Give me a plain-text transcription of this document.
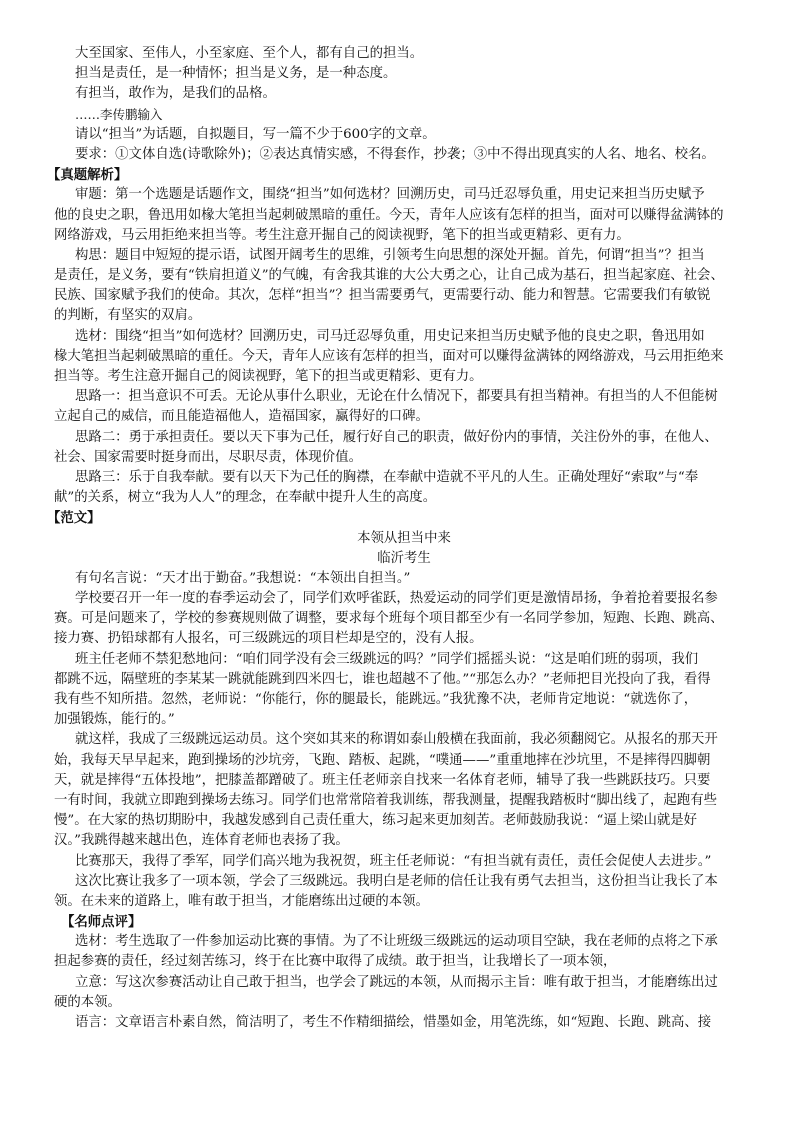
大至国家、至伟人，小至家庭、至个人，都有自己的担当。
担当是责任，是一种情怀；担当是义务，是一种态度。
有担当，敢作为，是我们的品格。
……李传鹏输入
请以“担当”为话题，自拟题目，写一篇不少于600字的文章。
要求：①文体自选(诗歌除外)；②表达真情实感，不得套作，抄袭；③中不得出现真实的人名、地名、校名。
【真题解析】
审题：第一个选题是话题作文，围绕“担当”如何选材？回溯历史，司马迁忍辱负重，用史记来担当历史赋予
他的良史之职，鲁迅用如椽大笔担当起刺破黑暗的重任。今天，青年人应该有怎样的担当，面对可以赚得盆满钵的
网络游戏，马云用拒绝来担当等。考生注意开掘自己的阅读视野，笔下的担当或更精彩、更有力。
构思：题目中短短的提示语，试图开阔考生的思维，引领考生向思想的深处开掘。首先，何谓“担当”？担当
是责任，是义务，要有“铁肩担道义”的气魄，有舍我其谁的大公大勇之心，让自己成为基石，担当起家庭、社会、
民族、国家赋予我们的使命。其次，怎样“担当”？担当需要勇气，更需要行动、能力和智慧。它需要我们有敏锐
的判断，有坚实的双肩。
选材：围绕“担当”如何选材？回溯历史，司马迁忍辱负重，用史记来担当历史赋予他的良史之职，鲁迅用如
椽大笔担当起刺破黑暗的重任。今天，青年人应该有怎样的担当，面对可以赚得盆满钵的网络游戏，马云用拒绝来
担当等。考生注意开掘自己的阅读视野，笔下的担当或更精彩、更有力。
思路一：担当意识不可丢。无论从事什么职业，无论在什么情况下，都要具有担当精神。有担当的人不但能树
立起自己的威信，而且能造福他人，造福国家，赢得好的口碑。
思路二：勇于承担责任。要以天下事为己任，履行好自己的职责，做好份内的事情，关注份外的事，在他人、
社会、国家需要时挺身而出，尽职尽责，体现价值。
思路三：乐于自我奉献。要有以天下为己任的胸襟，在奉献中造就不平凡的人生。正确处理好“索取”与“奉
献”的关系，树立“我为人人”的理念，在奉献中提升人生的高度。
【范文】
本领从担当中来
临沂考生
有句名言说：“天才出于勤奋。”我想说：“本领出自担当。”
学校要召开一年一度的春季运动会了，同学们欢呼雀跃，热爱运动的同学们更是激情昂扬，争着抢着要报名参
赛。可是问题来了，学校的参赛规则做了调整，要求每个班每个项目都至少有一名同学参加，短跑、长跑、跳高、
接力赛、扔铅球都有人报名，可三级跳远的项目栏却是空的，没有人报。
班主任老师不禁犯愁地问：“咱们同学没有会三级跳远的吗？”同学们摇摇头说：“这是咱们班的弱项，我们
都跳不远，隔壁班的李某某一跳就能跳到四米四七，谁也超越不了他。”“那怎么办？”老师把目光投向了我，看得
我有些不知所措。忽然，老师说：“你能行，你的腿最长，能跳远。”我犹豫不决，老师肯定地说：“就选你了，
加强锻炼，能行的。”
就这样，我成了三级跳远运动员。这个突如其来的称谓如泰山般横在我面前，我必须翻阅它。从报名的那天开
始，我每天早早起来，跑到操场的沙坑旁，飞跑、踏板、起跳，“噗通——”重重地摔在沙坑里，不是摔得四脚朝
天，就是摔得“五体投地”，把膝盖都蹭破了。班主任老师亲自找来一名体育老师，辅导了我一些跳跃技巧。只要
一有时间，我就立即跑到操场去练习。同学们也常常陪着我训练，帮我测量，提醒我踏板时“脚出线了，起跑有些
慢”。在大家的热切期盼中，我越发感到自己责任重大，练习起来更加刻苦。老师鼓励我说：“逼上梁山就是好
汉。”我跳得越来越出色，连体育老师也表扬了我。
比赛那天，我得了季军，同学们高兴地为我祝贺，班主任老师说：“有担当就有责任，责任会促使人去进步。”
这次比赛让我多了一项本领，学会了三级跳远。我明白是老师的信任让我有勇气去担当，这份担当让我长了本
领。在未来的道路上，唯有敢于担当，才能磨练出过硬的本领。
【名师点评】
选材：考生选取了一件参加运动比赛的事情。为了不让班级三级跳远的运动项目空缺，我在老师的点将之下承
担起参赛的责任，经过刻苦练习，终于在比赛中取得了成绩。敢于担当，让我增长了一项本领，
立意：写这次参赛活动让自己敢于担当，也学会了跳远的本领，从而揭示主旨：唯有敢于担当，才能磨练出过
硬的本领。
语言：文章语言朴素自然，简洁明了，考生不作精细描绘，惜墨如金，用笔洗练，如“短跑、长跑、跳高、接
